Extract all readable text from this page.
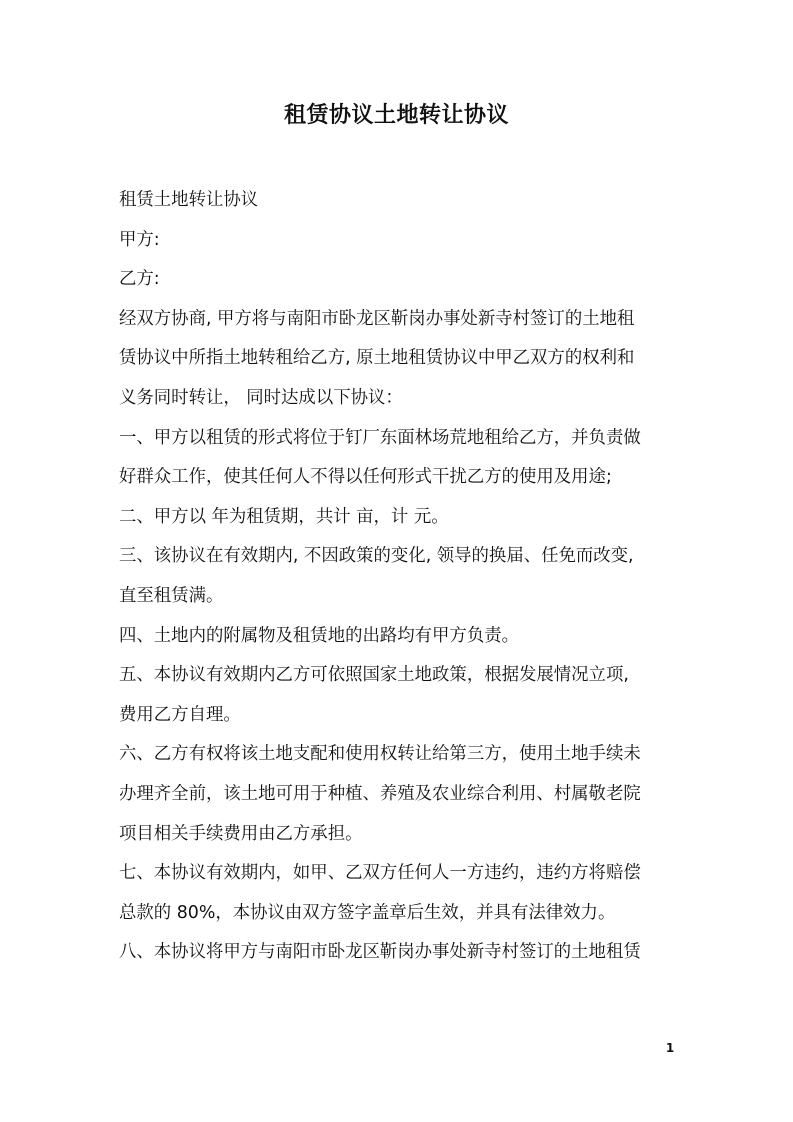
租赁协议土地转让协议

租赁土地转让协议

甲方:

乙方:

经双方协商, 甲方将与南阳市卧龙区靳岗办事处新寺村签订的土地租

赁协议中所指土地转租给乙方, 原土地租赁协议中甲乙双方的权利和

义务同时转让， 同时达成以下协议：

一、甲方以租赁的形式将位于钉厂东面林场荒地租给乙方，并负责做

好群众工作，使其任何人不得以任何形式干扰乙方的使用及用途;

二、甲方以 年为租赁期，共计 亩，计 元。

三、该协议在有效期内, 不因政策的变化, 领导的换届、任免而改变,

直至租赁满。

四、土地内的附属物及租赁地的出路均有甲方负责。

五、本协议有效期内乙方可依照国家土地政策，根据发展情况立项,

费用乙方自理。

六、乙方有权将该土地支配和使用权转让给第三方，使用土地手续未

办理齐全前，该土地可用于种植、养殖及农业综合利用、村属敬老院

项目相关手续费用由乙方承担。

七、本协议有效期内，如甲、乙双方任何人一方违约，违约方将赔偿

总款的 80%，本协议由双方签字盖章后生效，并具有法律效力。

八、本协议将甲方与南阳市卧龙区靳岗办事处新寺村签订的土地租赁

1
